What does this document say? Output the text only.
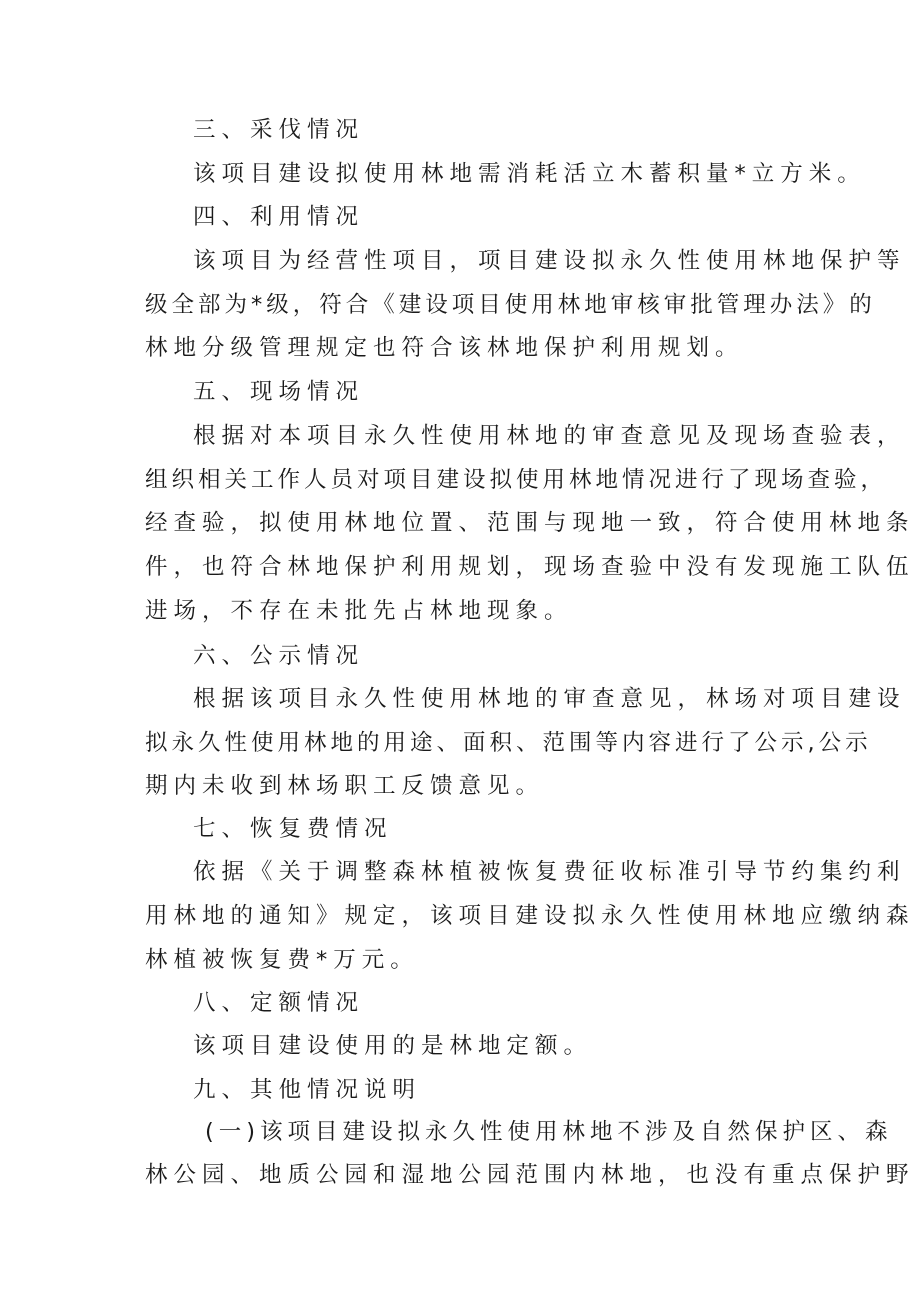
三、采伐情况
该项目建设拟使用林地需消耗活立木蓄积量*立方米。
四、利用情况
该项目为经营性项目，项目建设拟永久性使用林地保护等
级全部为*级，符合《建设项目使用林地审核审批管理办法》的
林地分级管理规定也符合该林地保护利用规划。
五、现场情况
根据对本项目永久性使用林地的审查意见及现场查验表，
组织相关工作人员对项目建设拟使用林地情况进行了现场查验，
经查验，拟使用林地位置、范围与现地一致，符合使用林地条
件，也符合林地保护利用规划，现场查验中没有发现施工队伍
进场，不存在未批先占林地现象。
六、公示情况
根据该项目永久性使用林地的审查意见，林场对项目建设
拟永久性使用林地的用途、面积、范围等内容进行了公示,公示
期内未收到林场职工反馈意见。
七、恢复费情况
依据《关于调整森林植被恢复费征收标准引导节约集约利
用林地的通知》规定，该项目建设拟永久性使用林地应缴纳森
林植被恢复费*万元。
八、定额情况
该项目建设使用的是林地定额。
九、其他情况说明
(一)该项目建设拟永久性使用林地不涉及自然保护区、森
林公园、地质公园和湿地公园范围内林地，也没有重点保护野
